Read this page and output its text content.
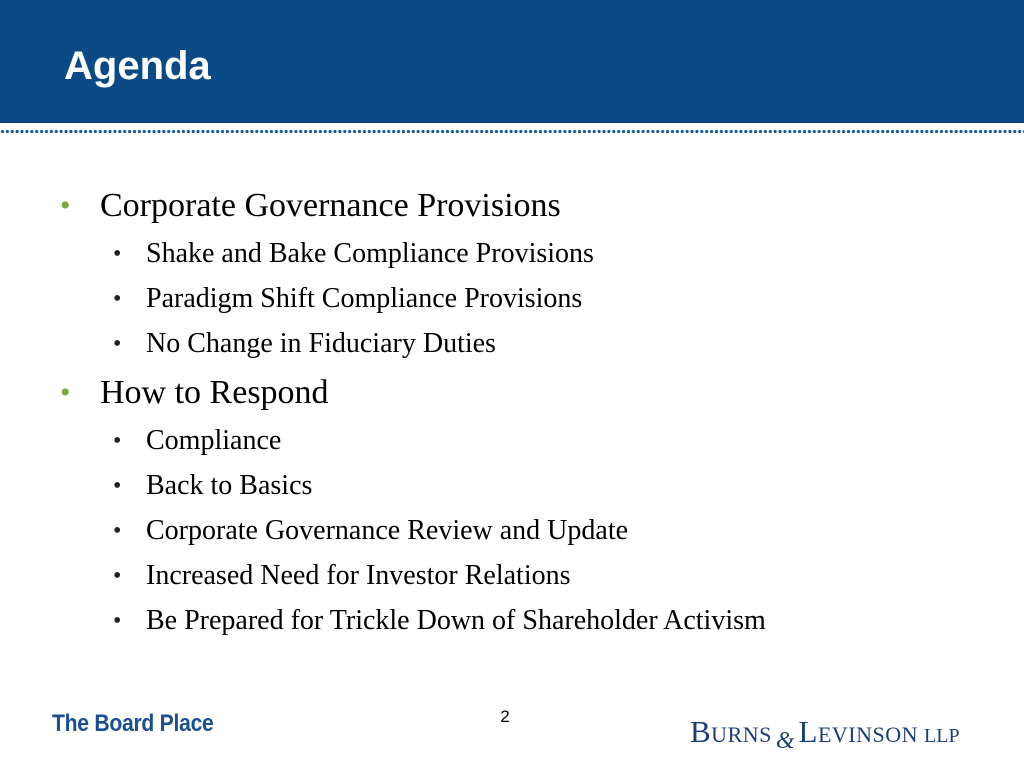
Agenda
• Corporate Governance Provisions
• Shake and Bake Compliance Provisions
• Paradigm Shift Compliance Provisions
• No Change in Fiduciary Duties
• How to Respond
• Compliance
• Back to Basics
• Corporate Governance Review and Update
• Increased Need for Investor Relations
• Be Prepared for Trickle Down of Shareholder Activism
The Board Place	2	Burns & Levinson LLP
